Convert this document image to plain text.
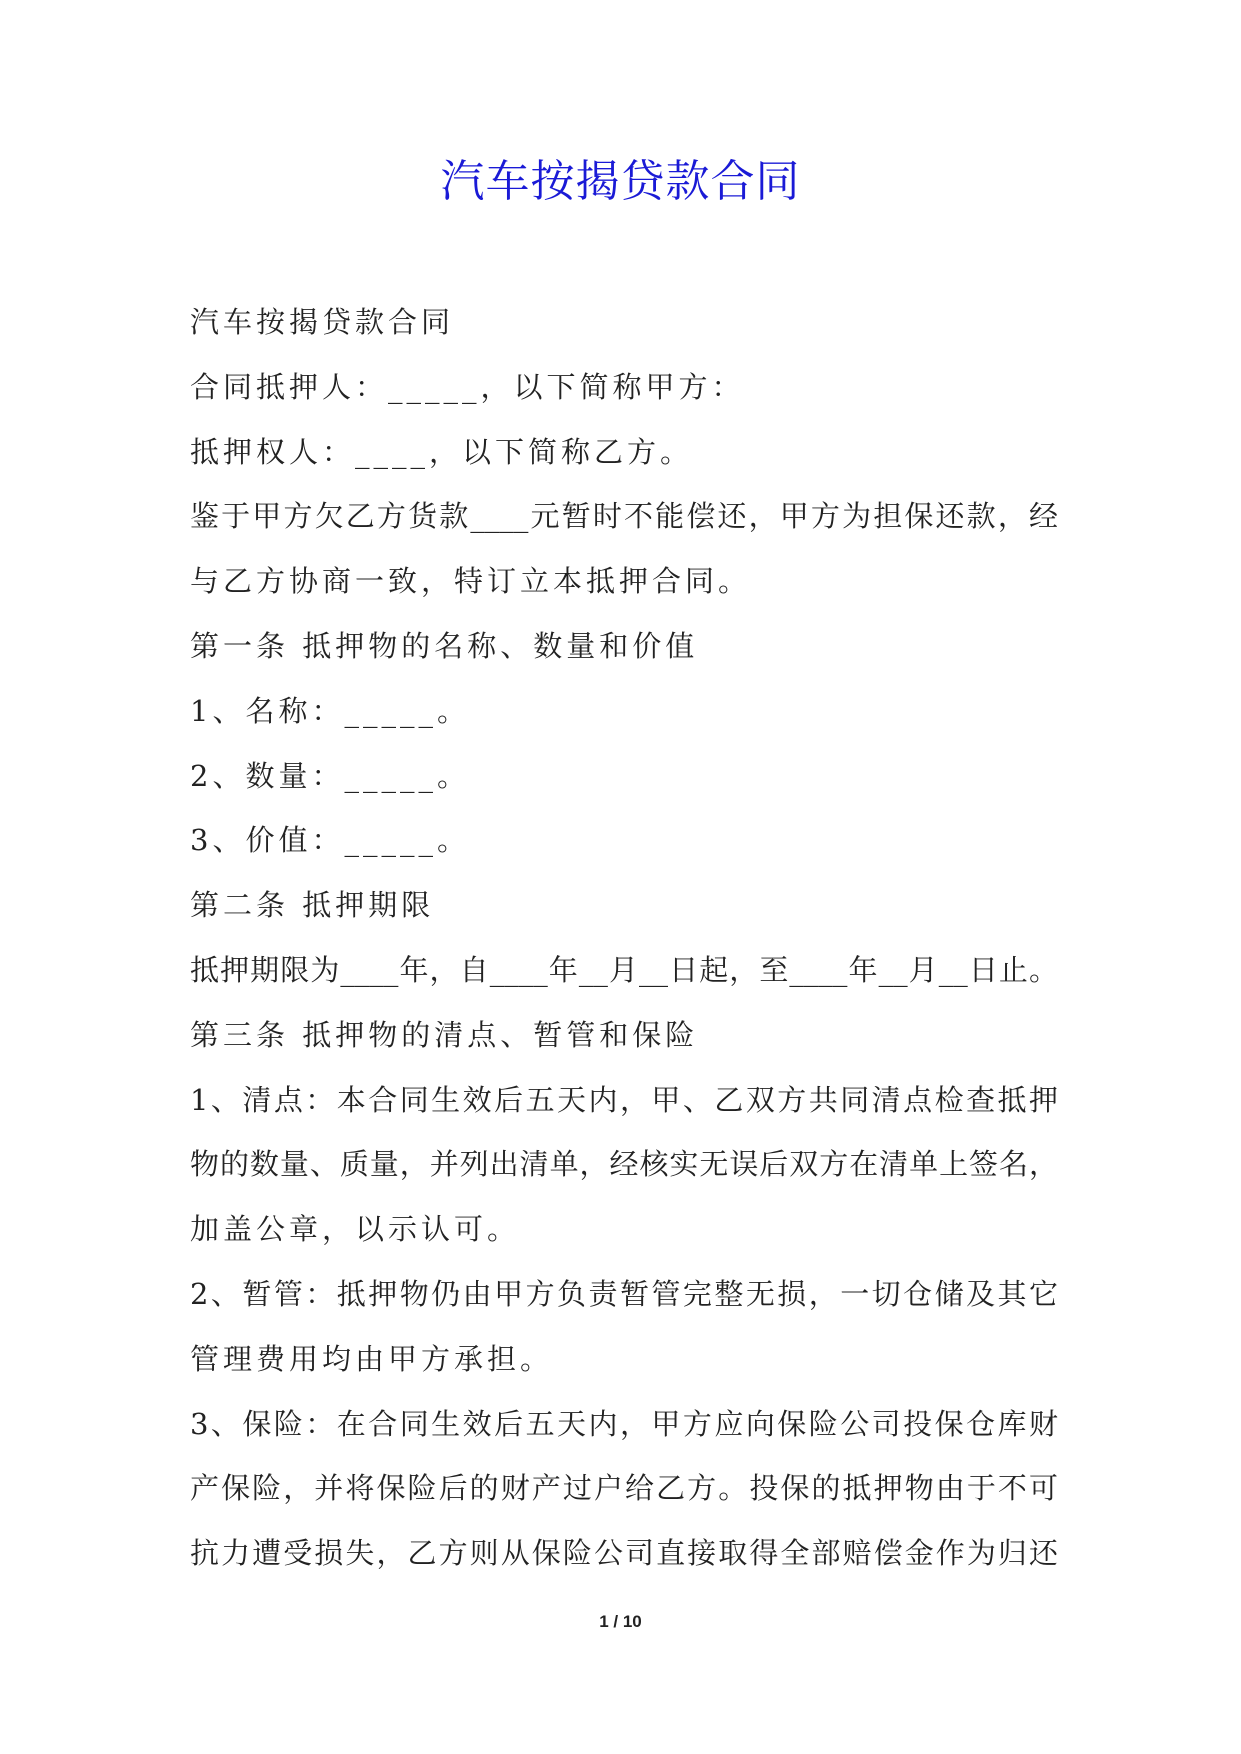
汽车按揭贷款合同

汽车按揭贷款合同

合同抵押人：_____，以下简称甲方：

抵押权人：____，以下简称乙方。

鉴于甲方欠乙方货款____元暂时不能偿还，甲方为担保还款，经

与乙方协商一致，特订立本抵押合同。

第一条 抵押物的名称、数量和价值

1、名称：_____。

2、数量：_____。

3、价值：_____。

第二条 抵押期限

抵押期限为____年，自____年__月__日起，至____年__月__日止。

第三条 抵押物的清点、暂管和保险

1、清点：本合同生效后五天内，甲、乙双方共同清点检查抵押

物的数量、质量，并列出清单，经核实无误后双方在清单上签名，

加盖公章，以示认可。

2、暂管：抵押物仍由甲方负责暂管完整无损，一切仓储及其它

管理费用均由甲方承担。

3、保险：在合同生效后五天内，甲方应向保险公司投保仓库财

产保险，并将保险后的财产过户给乙方。投保的抵押物由于不可

抗力遭受损失，乙方则从保险公司直接取得全部赔偿金作为归还

1 / 10
